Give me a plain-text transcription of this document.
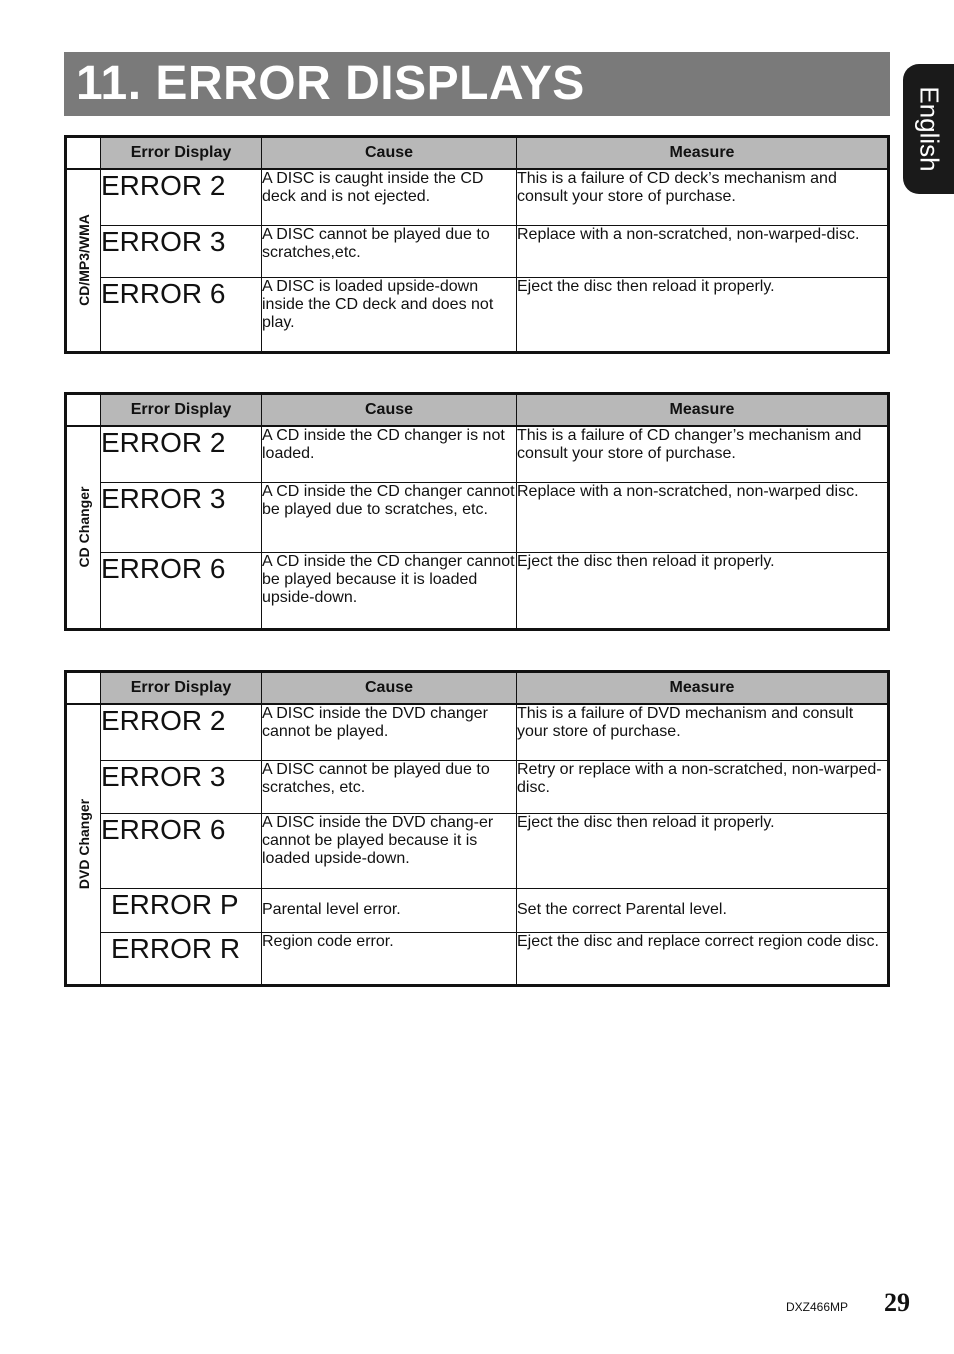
11. ERROR DISPLAYS
English
	Error Display	Cause	Measure

CD/MP3/WMA	ERROR 2	A DISC is caught inside the CD deck and is not ejected.	This is a failure of CD deck’s mechanism and consult your store of purchase.
	ERROR 3	A DISC cannot be played due to scratches,etc.	Replace with a non-scratched, non-warped-disc.
	ERROR 6	A DISC is loaded upside-down inside the CD deck and does not play.	Eject the disc then reload it properly.
	Error Display	Cause	Measure

CD Changer	ERROR 2	A CD inside the CD changer is not loaded.	This is a failure of CD changer’s mechanism and consult your store of purchase.
	ERROR 3	A CD inside the CD changer cannot be played due to scratches, etc.	Replace with a non-scratched, non-warped disc.
	ERROR 6	A CD inside the CD changer cannot be played because it is loaded upside-down.	Eject the disc then reload it properly.
	Error Display	Cause	Measure

DVD Changer	ERROR 2	A DISC inside the DVD changer cannot be played.	This is a failure of DVD mechanism and consult your store of purchase.
	ERROR 3	A DISC cannot be played due to scratches, etc.	Retry or replace with a non-scratched, non-warped-disc.
	ERROR 6	A DISC inside the DVD chang-er cannot be played because it is loaded upside-down.	Eject the disc then reload it properly.
	ERROR P	Parental level error.	Set the correct Parental level.
	ERROR R	Region code error.	Eject the disc and replace correct region code disc.
DXZ466MP 29
